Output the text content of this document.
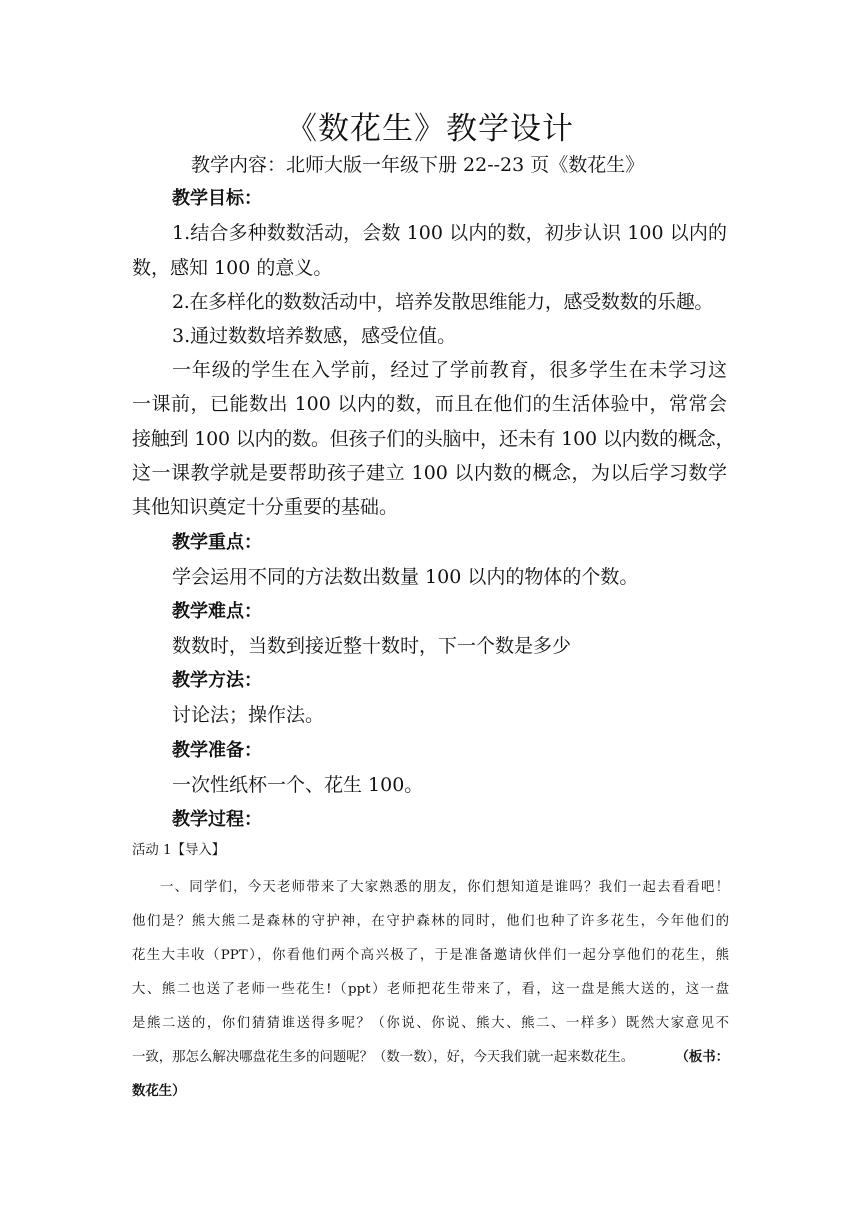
《数花生》教学设计
教学内容：北师大版一年级下册 22--23 页《数花生》
教学目标：
1.结合多种数数活动，会数 100 以内的数，初步认识 100 以内的
数，感知 100 的意义。
2.在多样化的数数活动中，培养发散思维能力，感受数数的乐趣。
3.通过数数培养数感，感受位值。
一年级的学生在入学前，经过了学前教育，很多学生在未学习这
一课前，已能数出 100 以内的数，而且在他们的生活体验中，常常会
接触到 100 以内的数。但孩子们的头脑中，还未有 100 以内数的概念，
这一课教学就是要帮助孩子建立 100 以内数的概念，为以后学习数学
其他知识奠定十分重要的基础。
教学重点：
学会运用不同的方法数出数量 100 以内的物体的个数。
教学难点：
数数时，当数到接近整十数时，下一个数是多少
教学方法：
讨论法；操作法。
教学准备：
一次性纸杯一个、花生 100。
教学过程：
活动 1【导入】
一、同学们，今天老师带来了大家熟悉的朋友，你们想知道是谁吗？我们一起去看看吧！
他们是？熊大熊二是森林的守护神，在守护森林的同时，他们也种了许多花生，今年他们的
花生大丰收（PPT），你看他们两个高兴极了，于是准备邀请伙伴们一起分享他们的花生，熊
大、熊二也送了老师一些花生!（ppt）老师把花生带来了，看，这一盘是熊大送的，这一盘
是熊二送的，你们猜猜谁送得多呢？（你说、你说、熊大、熊二、一样多）既然大家意见不
一致，那怎么解决哪盘花生多的问题呢？（数一数），好，今天我们就一起来数花生。	（板书：
数花生）
